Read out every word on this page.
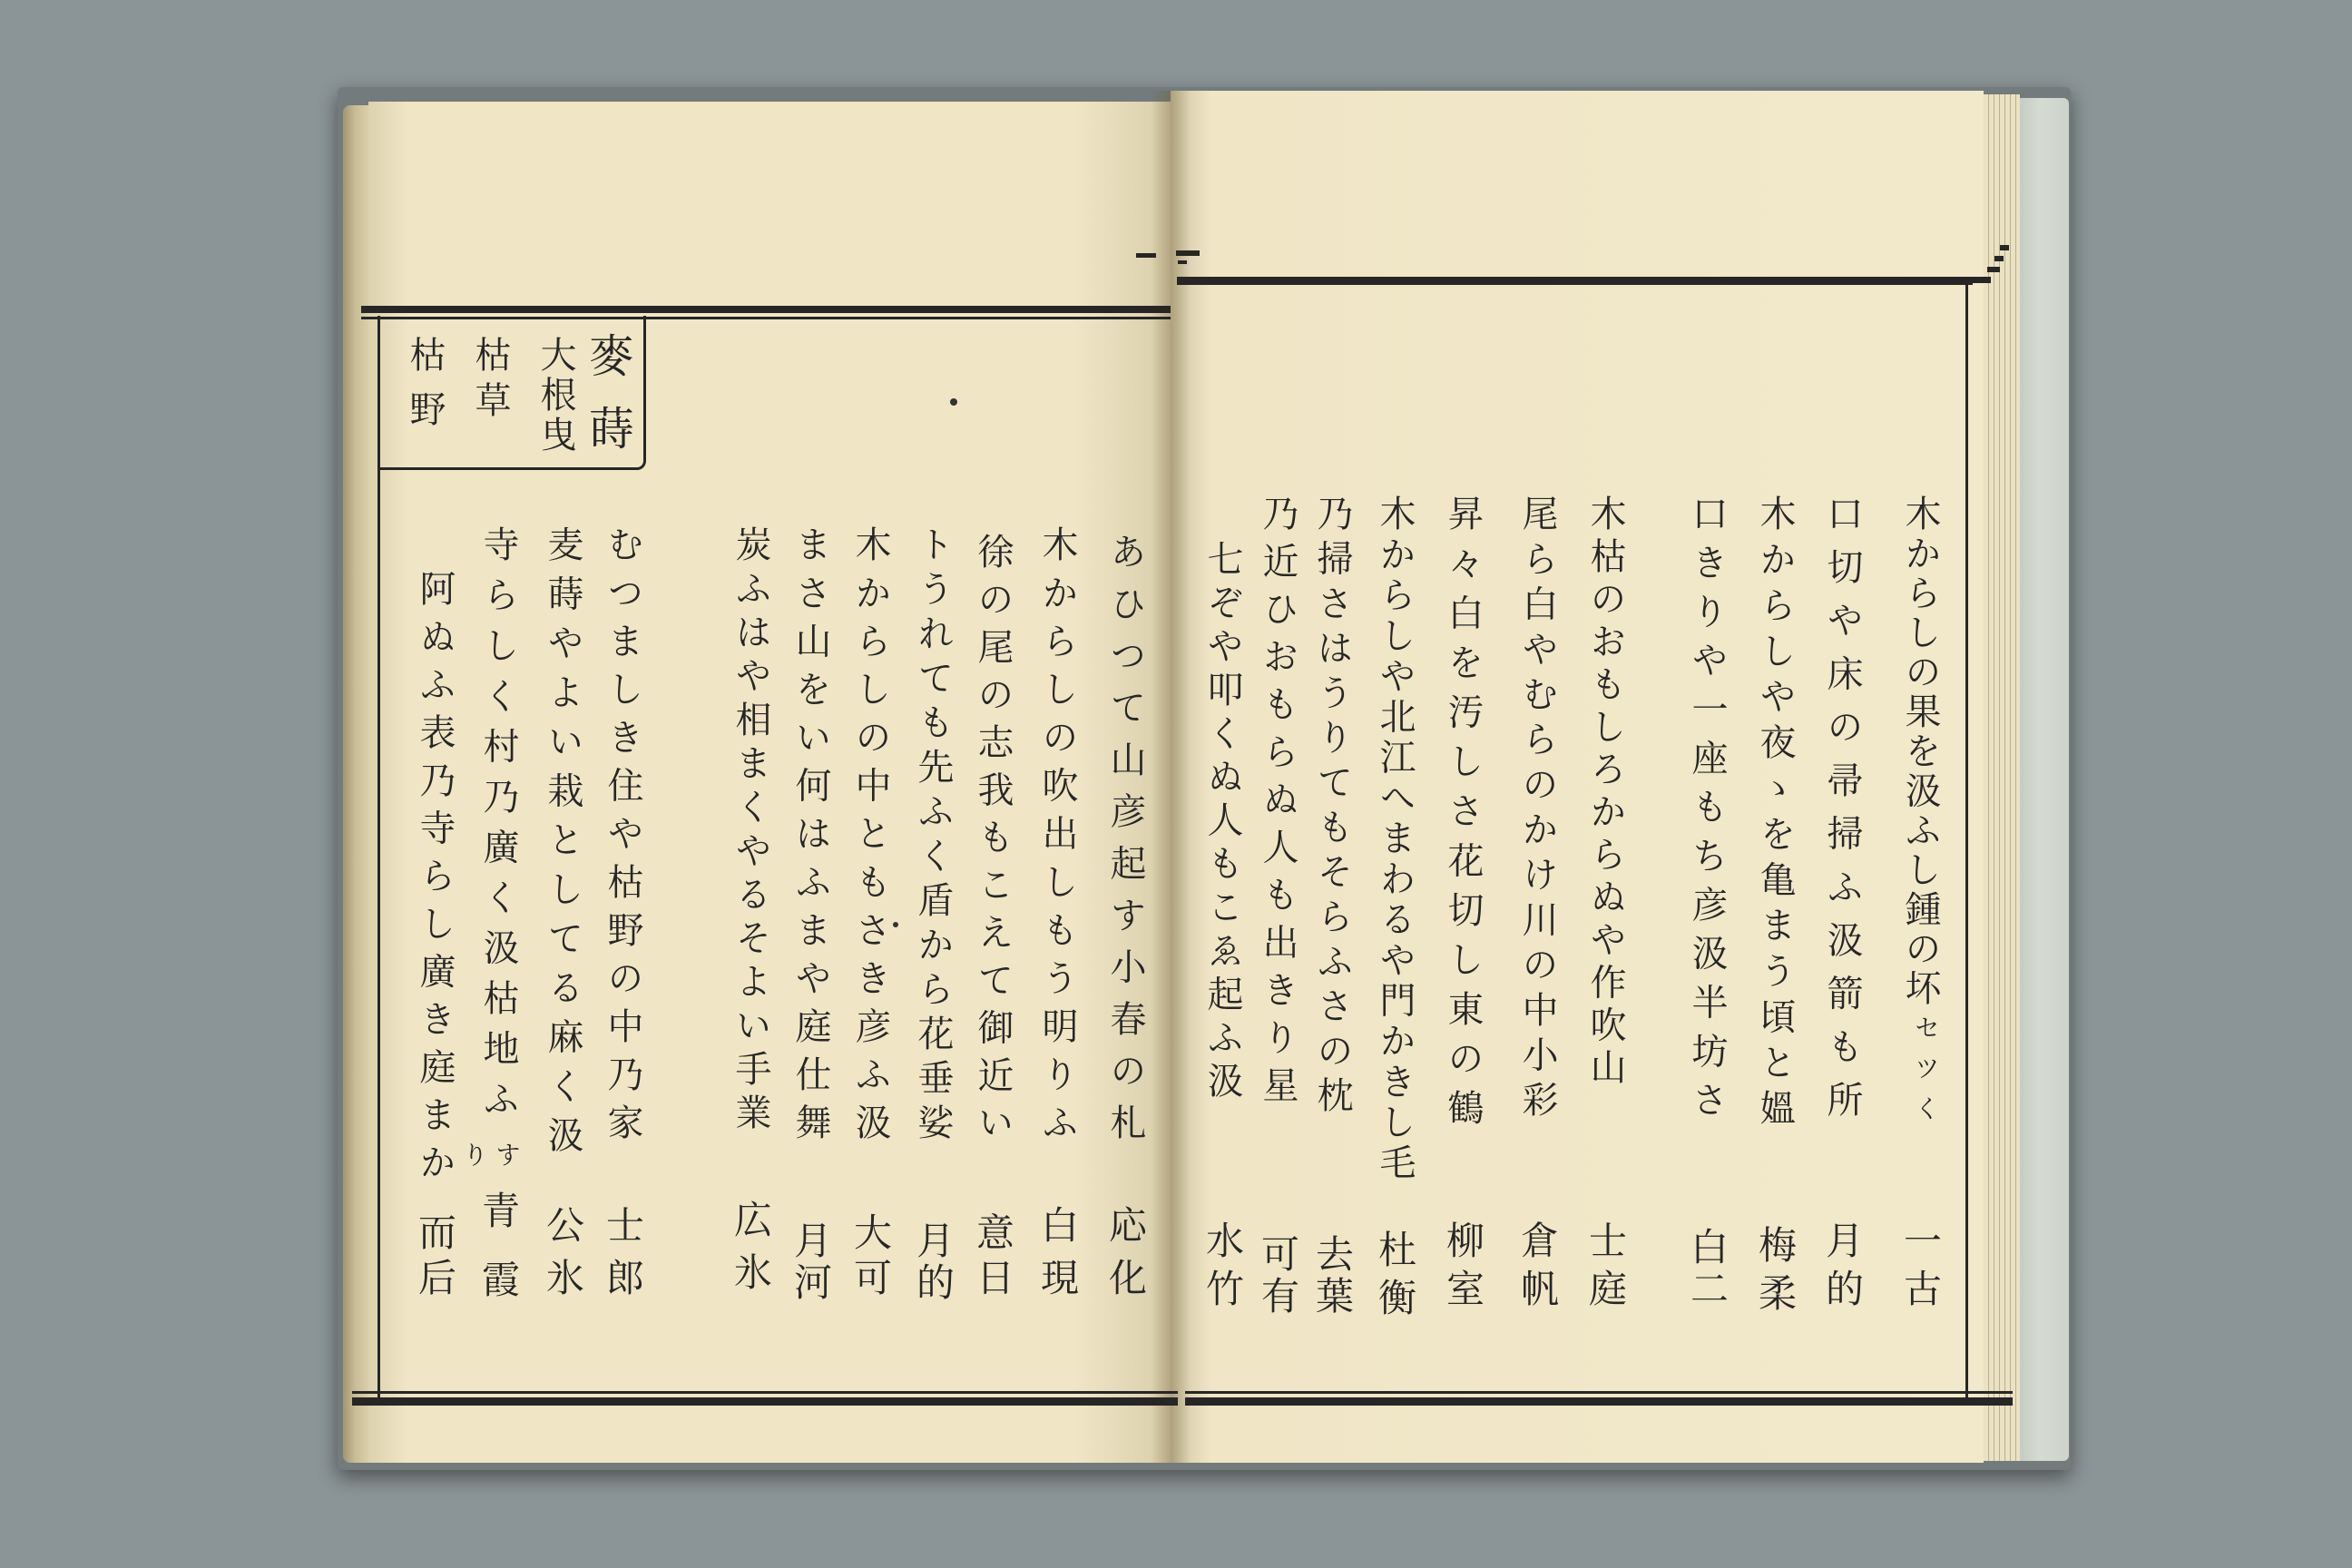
麥蒔
大根曳
枯草
枯野
あひつて山彦起す小春の札
応化
木からしの吹出しもう明りふ
白現
徐の尾の志我もこえて御近い
意日
トうれても先ふく盾から花垂娑
月的
木からしの中ともさき彦ふ汲
大可
まさ山をい何はふまや庭仕舞
月河
炭ふはや相まくやるそよい手業
広氷
むつましき住や枯野の中乃家
士郎
麦蒔やよい栽としてる麻く汲
公氷
寺らしく村乃廣く汲枯地ふ
すり
青霞
阿ぬふ表乃寺らし廣き庭まか
而后
木からしの果を汲ふし鍾の坏
セツく
一古
口切や床の帚掃ふ汲箭も所
月的
木からしや夜ゝを亀まう頃と媼
梅柔
口きりや一座もち彦汲半坊さ
白二
木枯のおもしろからぬや作吹山
士庭
尾ら白やむらのかけ川の中小彩
倉帆
昇々白を汚しさ花切し東の鶴
柳室
木からしや北江へまわるや門かきし毛
杜衡
乃掃さはうりてもそらふさの枕
去葉
乃近ひおもらぬ人も出きり星
可有
七ぞや叩くぬ人もこゑ起ふ汲
水竹
